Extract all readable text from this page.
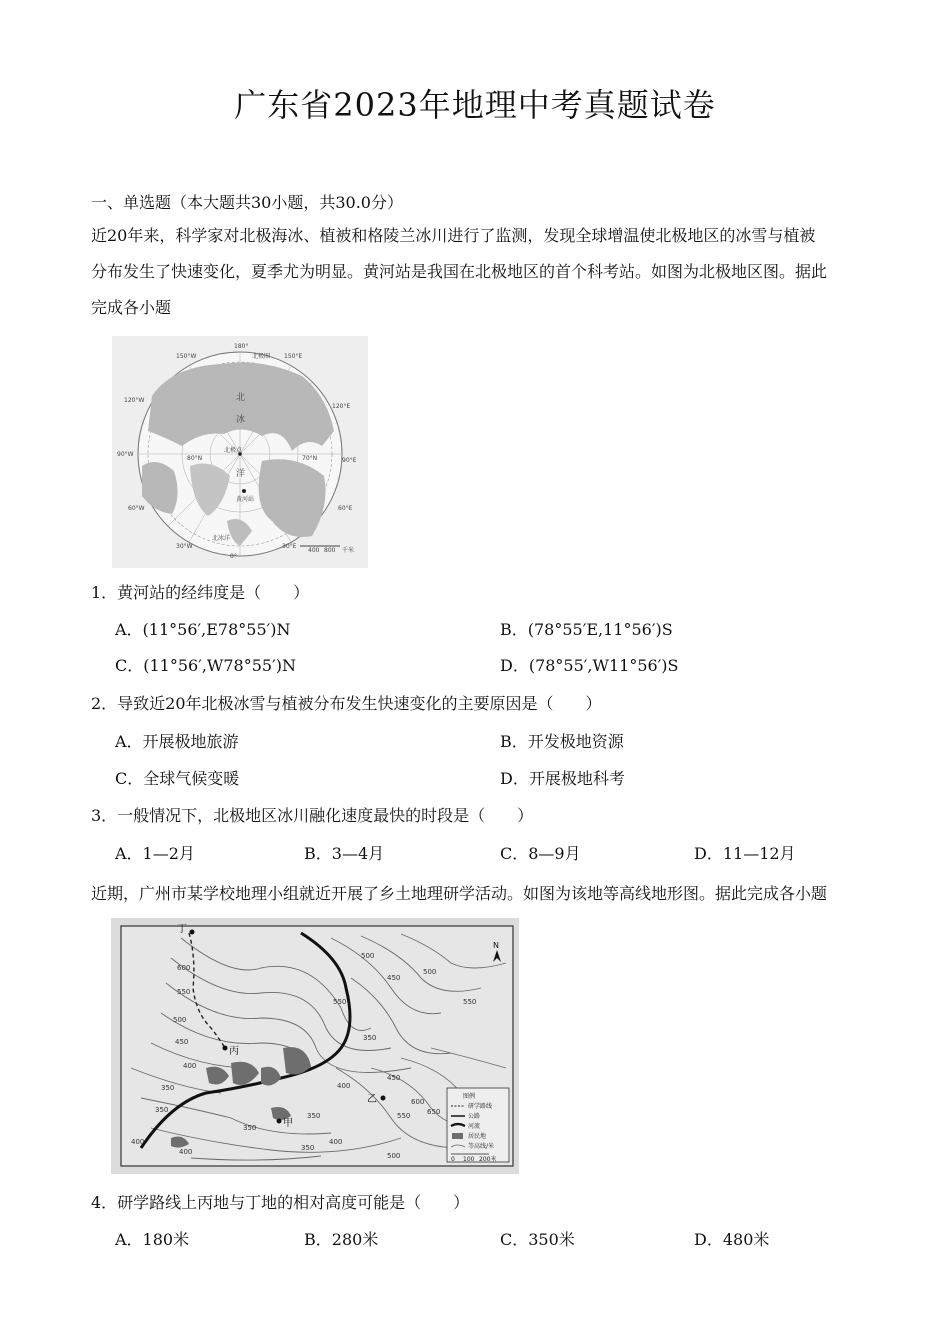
广东省2023年地理中考真题试卷
一、单选题（本大题共30小题，共30.0分）
近20年来，科学家对北极海冰、植被和格陵兰冰川进行了监测，发现全球增温使北极地区的冰雪与植被
分布发生了快速变化，夏季尤为明显。黄河站是我国在北极地区的首个科考站。如图为北极地区图。据此
完成各小题
180°
北极圈
150°W	150°E
120°W
120°E
90°W
90°E
60°W	60°E
30°W	30°E
0°
北冰洋
北
冰
洋
北极点
黄河站
80°N	70°N
400 800 千米
1．黄河站的经纬度是（　　）
A．(11°56′,E78°55′)N	B．(78°55′E,11°56′)S
C．(11°56′,W78°55′)N	D．(78°55′,W11°56′)S
2．导致近20年北极冰雪与植被分布发生快速变化的主要原因是（　　）
A．开展极地旅游	B．开发极地资源
C．全球气候变暖	D．开展极地科考
3．一般情况下，北极地区冰川融化速度最快的时段是（　　）
A．1—2月	B．3—4月	C．8—9月	D．11—12月
近期，广州市某学校地理小组就近开展了乡土地理研学活动。如图为该地等高线地形图。据此完成各小题
丁
丙
甲
乙
600
550
500
450
400
350
350
400
450
500
550
450
500
550
350
400
350
400
350
400	500
550
600
650
350
N
图例
研学路线
公路
河流
居民地
等高线/米
0 100 200米
4．研学路线上丙地与丁地的相对高度可能是（　　）
A．180米	B．280米	C．350米	D．480米
